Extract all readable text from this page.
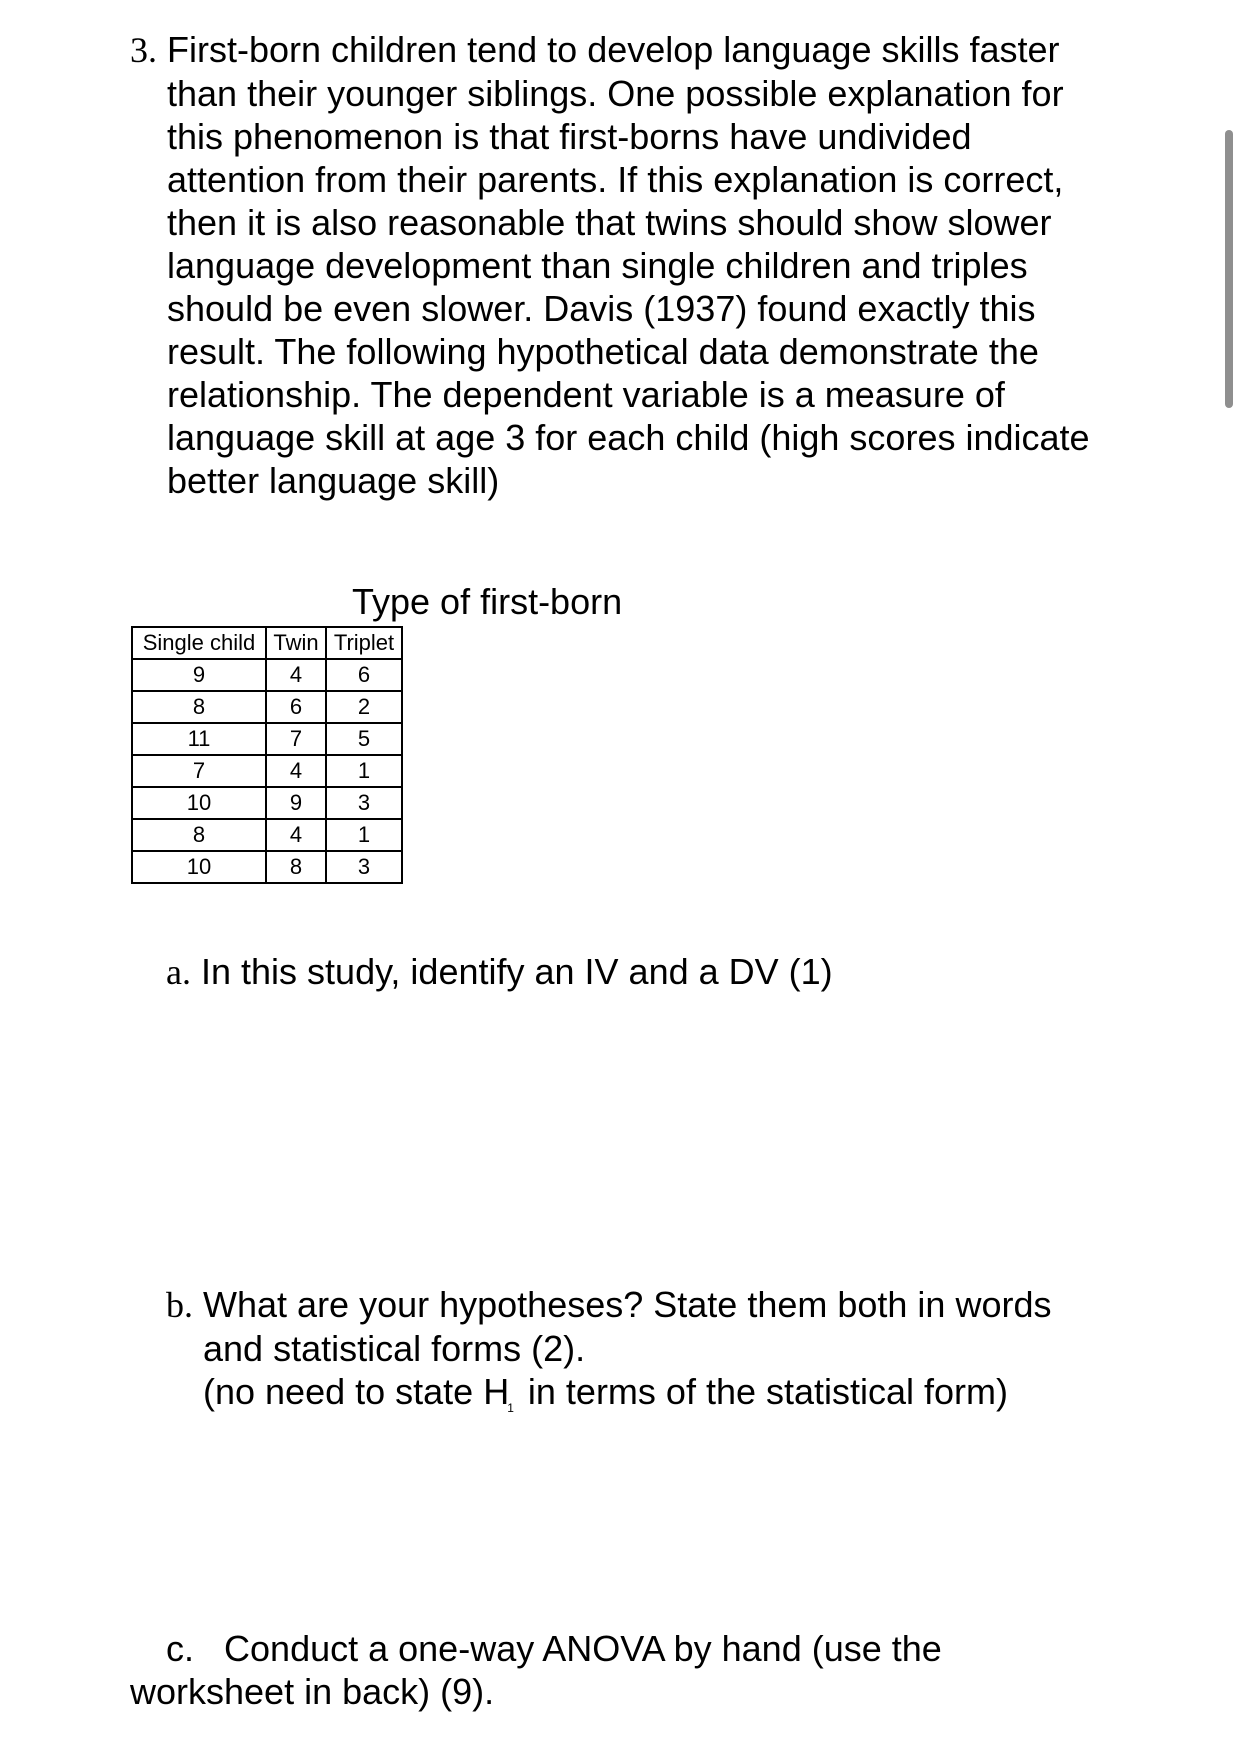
3. First-born children tend to develop language skills faster
than their younger siblings. One possible explanation for
this phenomenon is that first-borns have undivided
attention from their parents. If this explanation is correct,
then it is also reasonable that twins should show slower
language development than single children and triples
should be even slower. Davis (1937) found exactly this
result. The following hypothetical data demonstrate the
relationship. The dependent variable is a measure of
language skill at age 3 for each child (high scores indicate
better language skill)
Type of first-born
Single child	Twin	Triplet
9	4	6
8	6	2
11	7	5
7	4	1
10	9	3
8	4	1
10	8	3
a. In this study, identify an IV and a DV (1)
b. What are your hypotheses? State them both in words
and statistical forms (2).
(no need to state $H_1$ in terms of the statistical form)
c. Conduct a one-way ANOVA by hand (use the
worksheet in back) (9).
